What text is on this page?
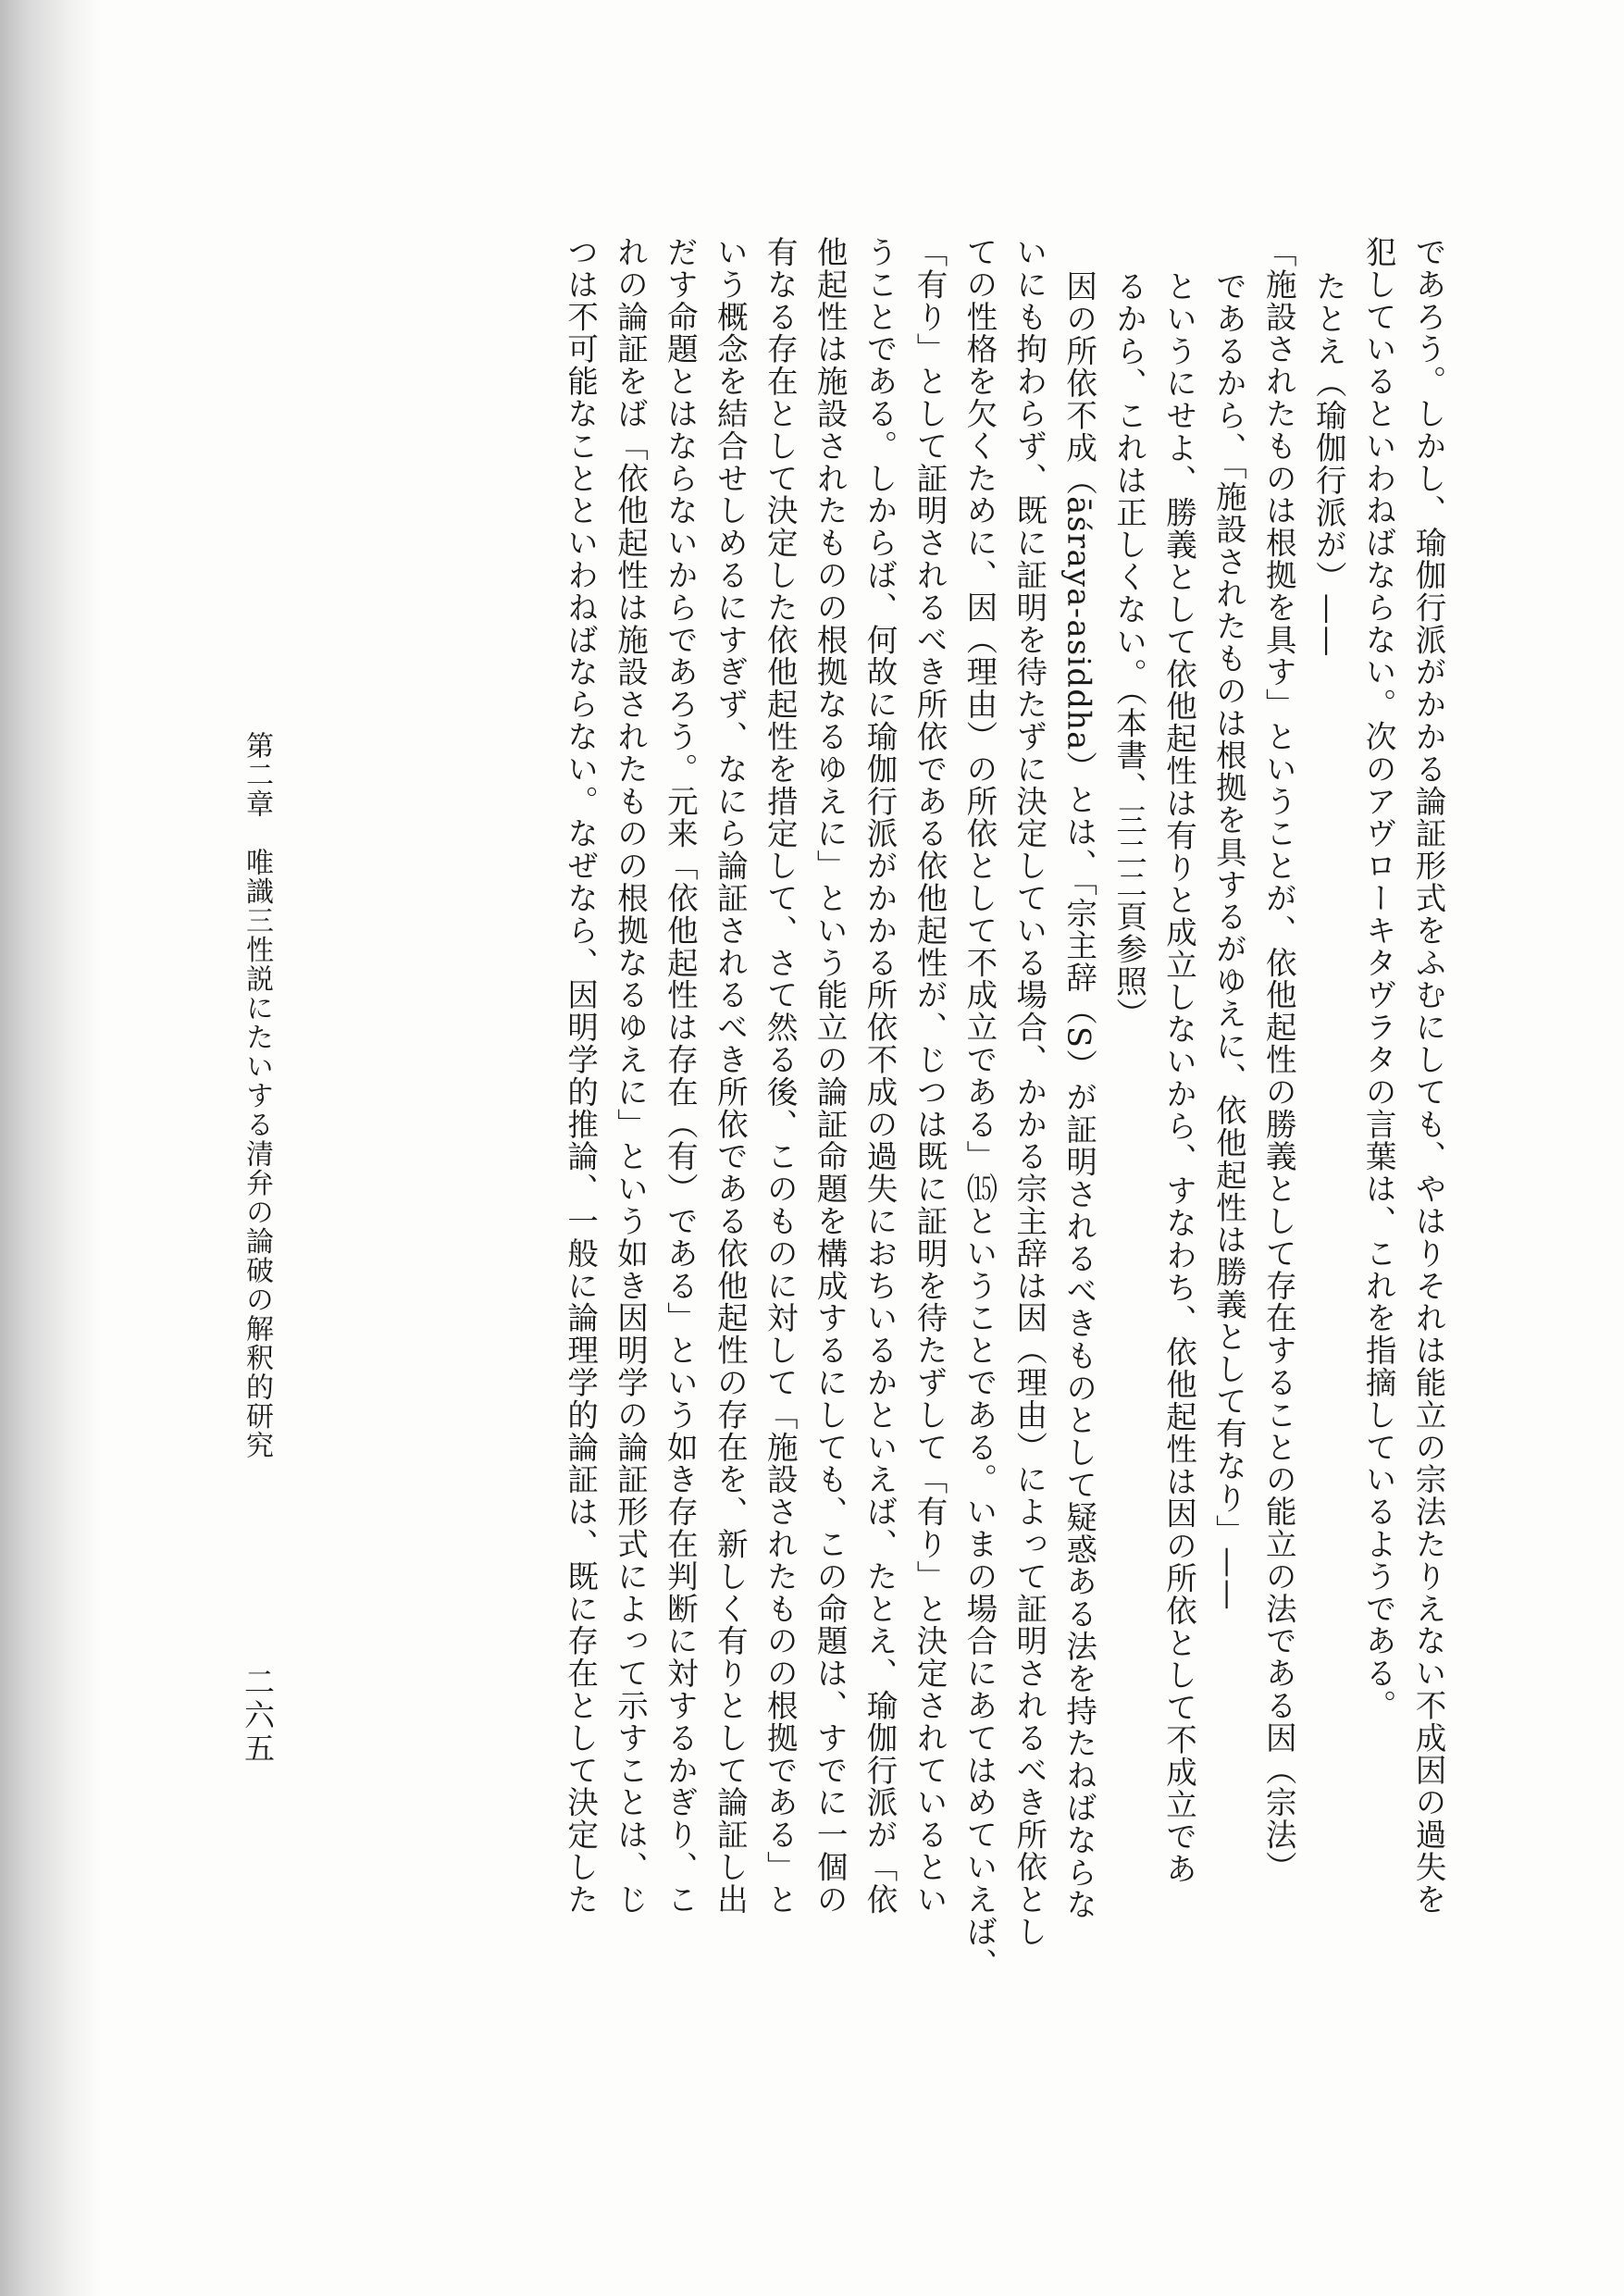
であろう。しかし、瑜伽行派がかかる論証形式をふむにしても、やはりそれは能立の宗法たりえない不成因の過失を
犯しているといわねばならない。次のアヴローキタヴラタの言葉は、これを指摘しているようである。
たとえ（瑜伽行派が）——
「施設されたものは根拠を具す」ということが、依他起性の勝義として存在することの能立の法である因（宗法）
であるから、「施設されたものは根拠を具するがゆえに、依他起性は勝義として有なり」——
というにせよ、勝義として依他起性は有りと成立しないから、すなわち、依他起性は因の所依として不成立であ
るから、これは正しくない。（本書、三二二頁参照）
因の所依不成（āśraya-asiddha）とは、「宗主辞（S）が証明されるべきものとして疑惑ある法を持たねばならな
いにも拘わらず、既に証明を待たずに決定している場合、かかる宗主辞は因（理由）によって証明されるべき所依とし
ての性格を欠くために、因（理由）の所依として不成立である」⒂ということである。いまの場合にあてはめていえば、
「有り」として証明されるべき所依である依他起性が、じつは既に証明を待たずして「有り」と決定されているとい
うことである。しからば、何故に瑜伽行派がかかる所依不成の過失におちいるかといえば、たとえ、瑜伽行派が「依
他起性は施設されたものの根拠なるゆえに」という能立の論証命題を構成するにしても、この命題は、すでに一個の
有なる存在として決定した依他起性を措定して、さて然る後、このものに対して「施設されたものの根拠である」と
いう概念を結合せしめるにすぎず、なにら論証されるべき所依である依他起性の存在を、新しく有りとして論証し出
だす命題とはならないからであろう。元来「依他起性は存在（有）である」という如き存在判断に対するかぎり、こ
れの論証をば「依他起性は施設されたものの根拠なるゆえに」という如き因明学の論証形式によって示すことは、じ
つは不可能なことといわねばならない。なぜなら、因明学的推論、一般に論理学的論証は、既に存在として決定した
第二章　唯識三性説にたいする清弁の論破の解釈的研究
二六五
